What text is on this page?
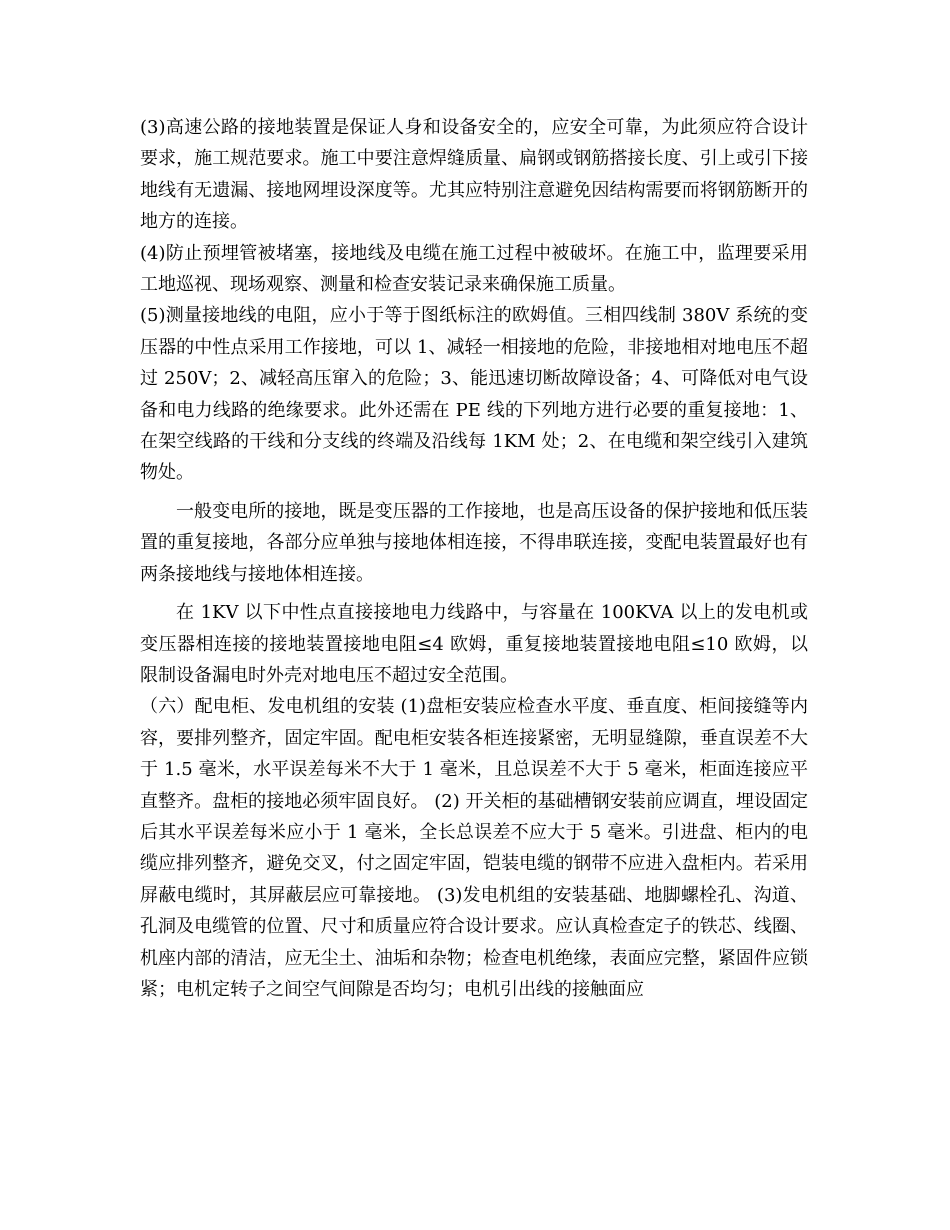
(3)高速公路的接地装置是保证人身和设备安全的，应安全可靠，为此须应符合设计要求，施工规范要求。施工中要注意焊缝质量、扁钢或钢筋搭接长度、引上或引下接地线有无遗漏、接地网埋设深度等。尤其应特别注意避免因结构需要而将钢筋断开的地方的连接。

(4)防止预埋管被堵塞，接地线及电缆在施工过程中被破坏。在施工中，监理要采用工地巡视、现场观察、测量和检查安装记录来确保施工质量。

(5)测量接地线的电阻，应小于等于图纸标注的欧姆值。三相四线制 380V 系统的变压器的中性点采用工作接地，可以 1、减轻一相接地的危险，非接地相对地电压不超过 250V；2、减轻高压窜入的危险；3、能迅速切断故障设备；4、可降低对电气设备和电力线路的绝缘要求。此外还需在 PE 线的下列地方进行必要的重复接地：1、在架空线路的干线和分支线的终端及沿线每 1KM 处；2、在电缆和架空线引入建筑物处。

一般变电所的接地，既是变压器的工作接地，也是高压设备的保护接地和低压装置的重复接地，各部分应单独与接地体相连接，不得串联连接，变配电装置最好也有两条接地线与接地体相连接。

在 1KV 以下中性点直接接地电力线路中，与容量在 100KVA 以上的发电机或变压器相连接的接地装置接地电阻≤4 欧姆，重复接地装置接地电阻≤10 欧姆，以限制设备漏电时外壳对地电压不超过安全范围。

（六）配电柜、发电机组的安装 (1)盘柜安装应检查水平度、垂直度、柜间接缝等内容，要排列整齐，固定牢固。配电柜安装各柜连接紧密，无明显缝隙，垂直误差不大于 1.5 毫米，水平误差每米不大于 1 毫米，且总误差不大于 5 毫米，柜面连接应平直整齐。盘柜的接地必须牢固良好。 (2) 开关柜的基础槽钢安装前应调直，埋设固定后其水平误差每米应小于 1 毫米，全长总误差不应大于 5 毫米。引进盘、柜内的电缆应排列整齐，避免交叉，付之固定牢固，铠装电缆的钢带不应进入盘柜内。若采用屏蔽电缆时，其屏蔽层应可靠接地。 (3)发电机组的安装基础、地脚螺栓孔、沟道、孔洞及电缆管的位置、尺寸和质量应符合设计要求。应认真检查定子的铁芯、线圈、机座内部的清洁，应无尘土、油垢和杂物；检查电机绝缘，表面应完整，紧固件应锁紧；电机定转子之间空气间隙是否均匀；电机引出线的接触面应
